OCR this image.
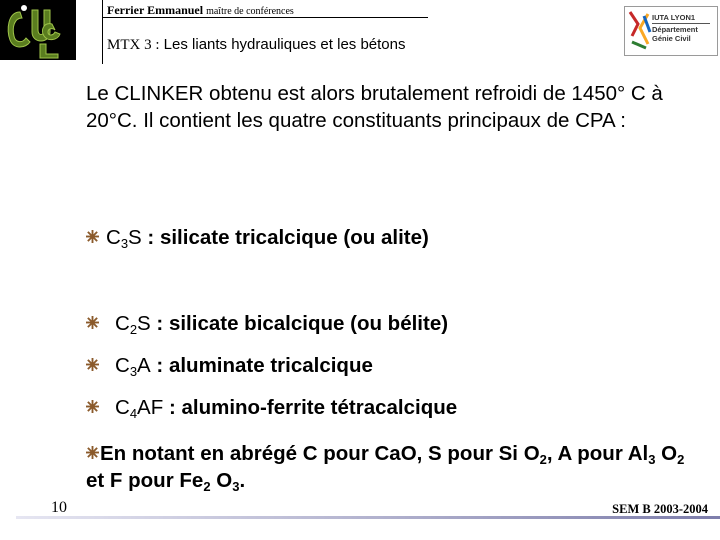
Ferrier Emmanuel maître de conférences
MTX 3 : Les liants hydrauliques et les bétons
IUTA LYON1
Département
Génie Civil
Le CLINKER obtenu est alors brutalement refroidi de 1450° C à 20°C. Il contient les quatre constituants principaux de CPA :
$C_3S$ : silicate tricalcique (ou alite)
$C_2S$ : silicate bicalcique (ou bélite)
$C_3A$ : aluminate tricalcique
$C_4AF$ : alumino-ferrite tétracalcique
En notant en abrégé C pour CaO, S pour Si $O_2$, A pour $Al_3$ $O_2$ et F pour $Fe_2$ $O_3$.
10	SEM B 2003-2004
